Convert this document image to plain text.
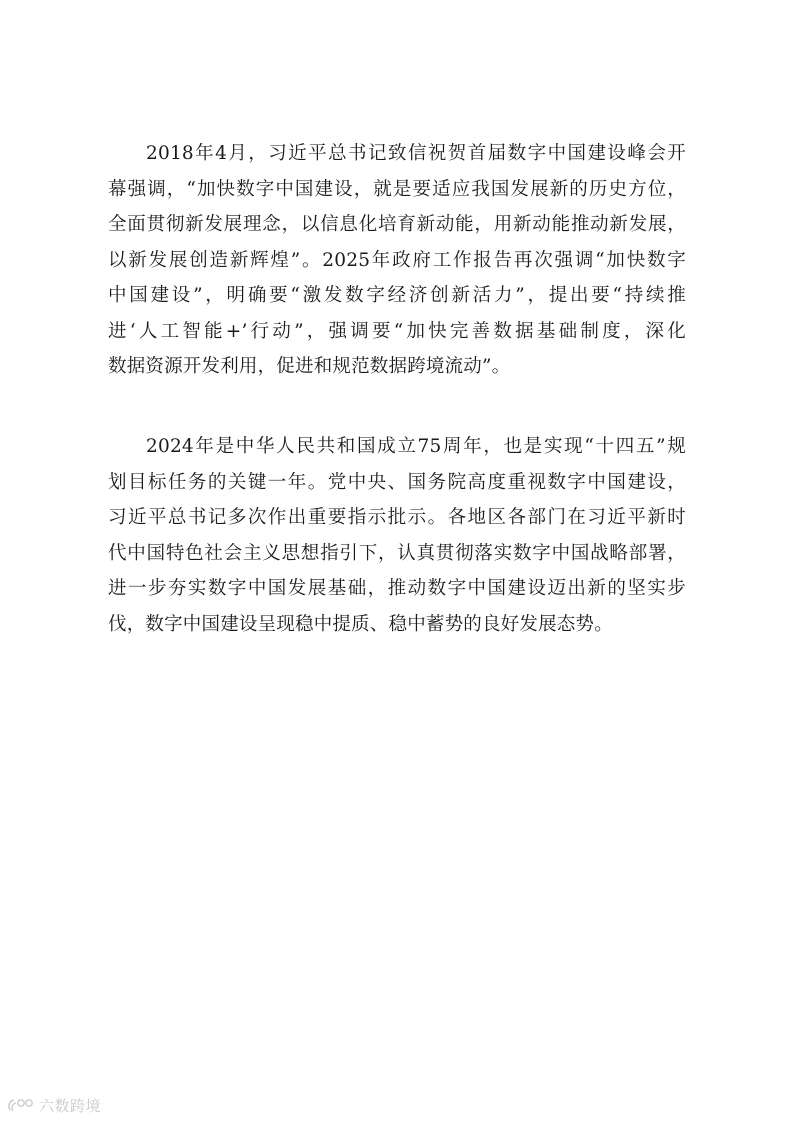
2018年4月，习近平总书记致信祝贺首届数字中国建设峰会开
幕强调，“加快数字中国建设，就是要适应我国发展新的历史方位，
全面贯彻新发展理念，以信息化培育新动能，用新动能推动新发展，
以新发展创造新辉煌”。2025年政府工作报告再次强调“加快数字
中国建设”，明确要“激发数字经济创新活力”，提出要“持续推
进‘人工智能+’行动”，强调要“加快完善数据基础制度，深化
数据资源开发利用，促进和规范数据跨境流动”。
2024年是中华人民共和国成立75周年，也是实现“十四五”规
划目标任务的关键一年。党中央、国务院高度重视数字中国建设，
习近平总书记多次作出重要指示批示。各地区各部门在习近平新时
代中国特色社会主义思想指引下，认真贯彻落实数字中国战略部署，
进一步夯实数字中国发展基础，推动数字中国建设迈出新的坚实步
伐，数字中国建设呈现稳中提质、稳中蓄势的良好发展态势。
六数跨境
